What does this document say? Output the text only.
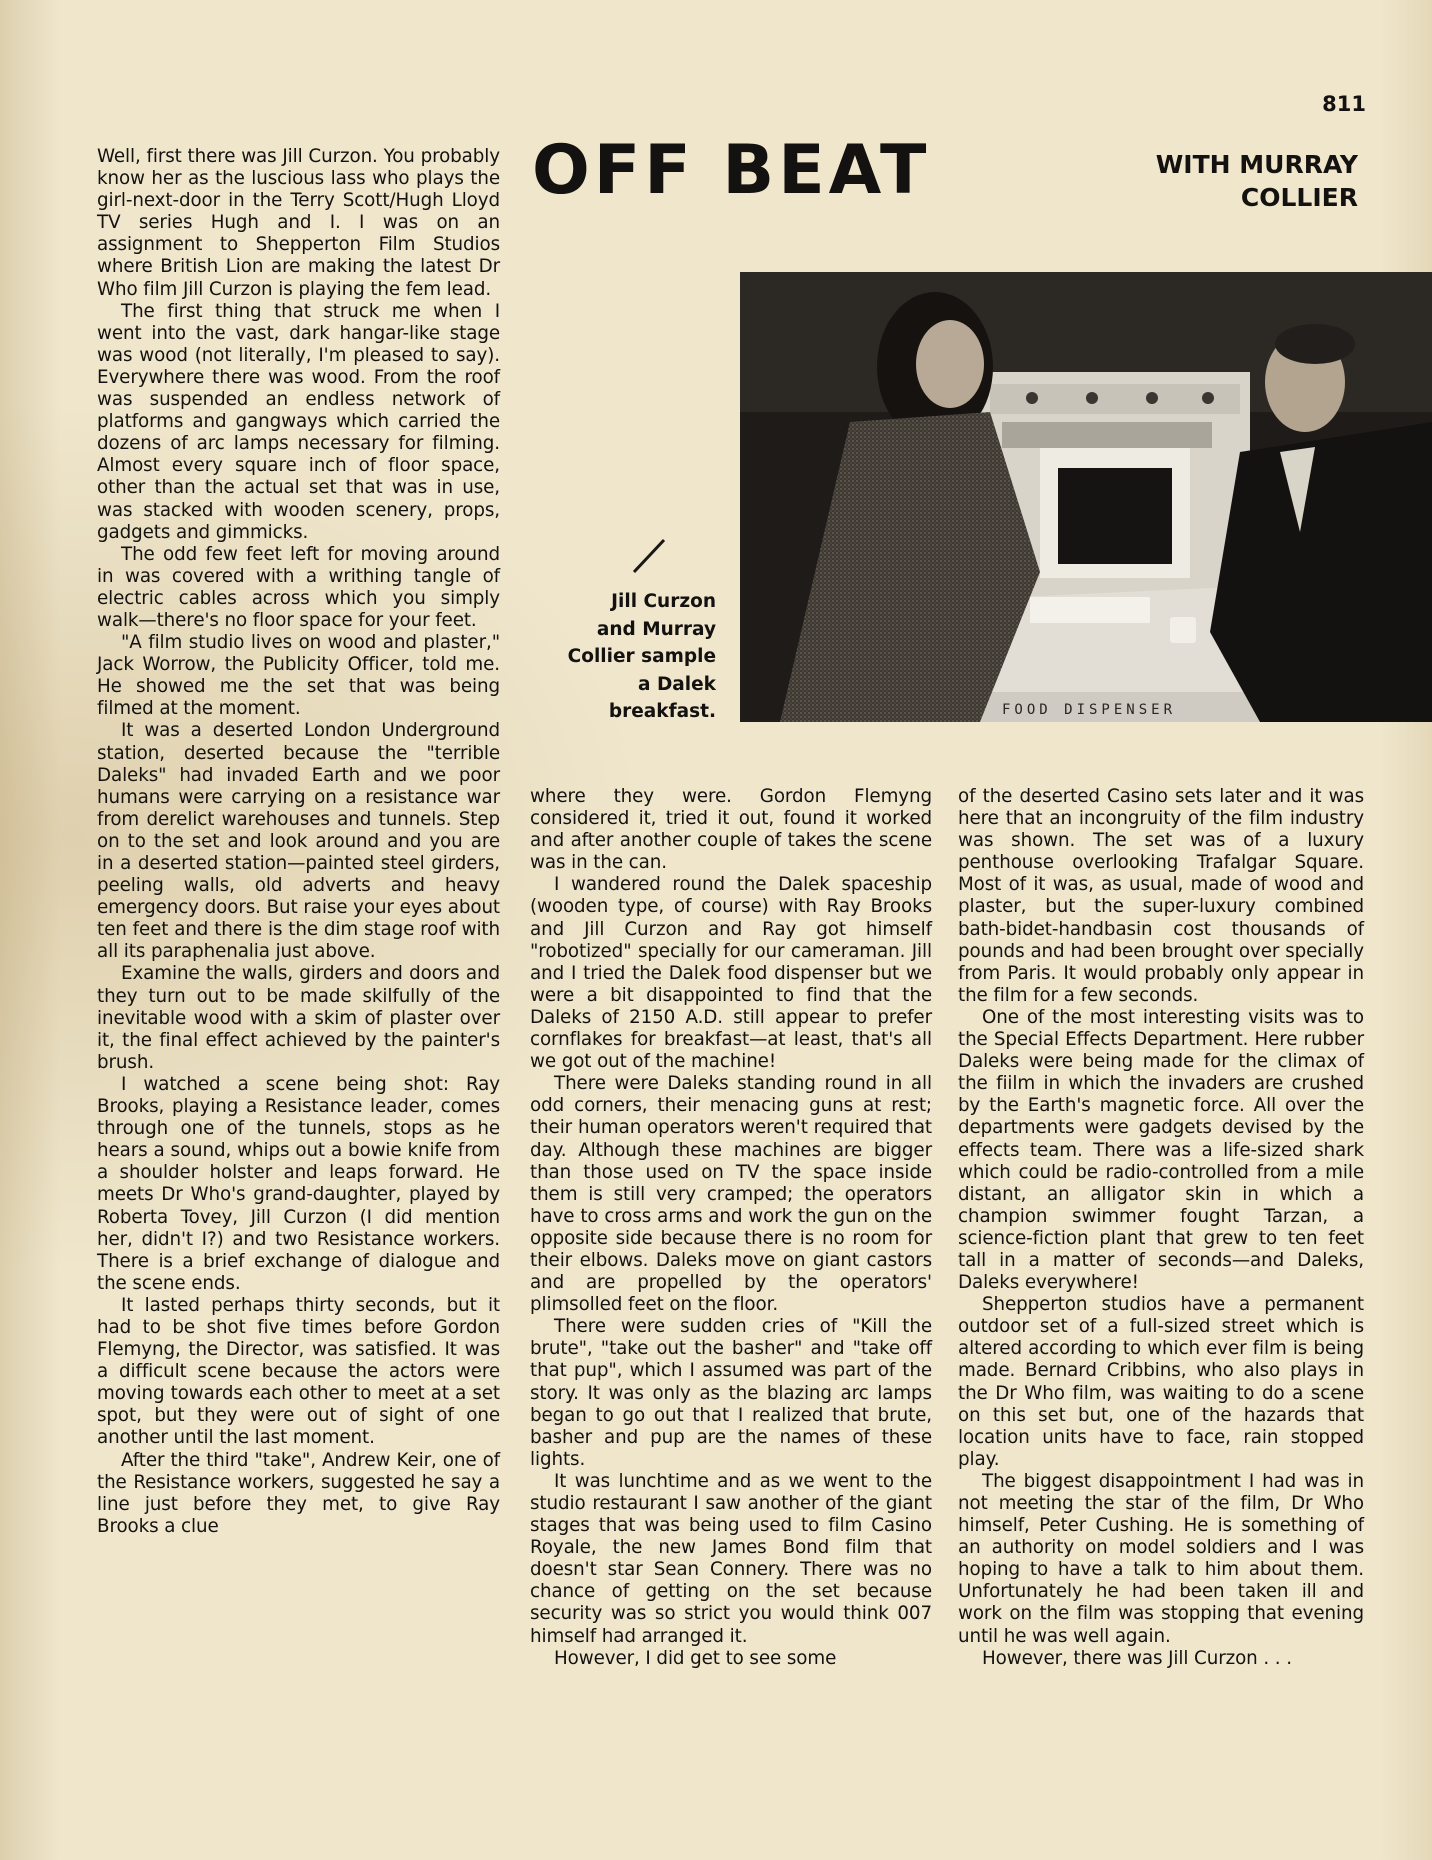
811
OFF BEAT	WITH MURRAY
COLLIER

Well, first there was Jill Curzon. You probably know her as the luscious lass who plays the girl-next-door in the Terry Scott/Hugh Lloyd TV series Hugh and I. I was on an assignment to Shepperton Film Studios where British Lion are making the latest Dr Who film Jill Curzon is playing the fem lead.

The first thing that struck me when I went into the vast, dark hangar-like stage was wood (not literally, I'm pleased to say). Everywhere there was wood. From the roof was suspended an endless network of platforms and gangways which carried the dozens of arc lamps necessary for filming. Almost every square inch of floor space, other than the actual set that was in use, was stacked with wooden scenery, props, gadgets and gimmicks.

The odd few feet left for moving around in was covered with a writhing tangle of electric cables across which you simply walk—there's no floor space for your feet.

"A film studio lives on wood and plaster," Jack Worrow, the Publicity Officer, told me. He showed me the set that was being filmed at the moment.

It was a deserted London Underground station, deserted because the "terrible Daleks" had invaded Earth and we poor humans were carrying on a resistance war from derelict warehouses and tunnels. Step on to the set and look around and you are in a deserted station—painted steel girders, peeling walls, old adverts and heavy emergency doors. But raise your eyes about ten feet and there is the dim stage roof with all its paraphenalia just above.

Examine the walls, girders and doors and they turn out to be made skilfully of the inevitable wood with a skim of plaster over it, the final effect achieved by the painter's brush.

I watched a scene being shot: Ray Brooks, playing a Resistance leader, comes through one of the tunnels, stops as he hears a sound, whips out a bowie knife from a shoulder holster and leaps forward. He meets Dr Who's grand-daughter, played by Roberta Tovey, Jill Curzon (I did mention her, didn't I?) and two Resistance workers. There is a brief exchange of dialogue and the scene ends.

It lasted perhaps thirty seconds, but it had to be shot five times before Gordon Flemyng, the Director, was satisfied. It was a difficult scene because the actors were moving towards each other to meet at a set spot, but they were out of sight of one another until the last moment.

After the third "take", Andrew Keir, one of the Resistance workers, suggested he say a line just before they met, to give Ray Brooks a clue

FOOD DISPENSER
Jill Curzon
and Murray
Collier sample
a Dalek
breakfast.

where they were. Gordon Flemyng considered it, tried it out, found it worked and after another couple of takes the scene was in the can.

I wandered round the Dalek spaceship (wooden type, of course) with Ray Brooks and Jill Curzon and Ray got himself "robotized" specially for our cameraman. Jill and I tried the Dalek food dispenser but we were a bit disappointed to find that the Daleks of 2150 A.D. still appear to prefer cornflakes for breakfast—at least, that's all we got out of the machine!

There were Daleks standing round in all odd corners, their menacing guns at rest; their human operators weren't required that day. Although these machines are bigger than those used on TV the space inside them is still very cramped; the operators have to cross arms and work the gun on the opposite side because there is no room for their elbows. Daleks move on giant castors and are propelled by the operators' plimsolled feet on the floor.

There were sudden cries of "Kill the brute", "take out the basher" and "take off that pup", which I assumed was part of the story. It was only as the blazing arc lamps began to go out that I realized that brute, basher and pup are the names of these lights.

It was lunchtime and as we went to the studio restaurant I saw another of the giant stages that was being used to film Casino Royale, the new James Bond film that doesn't star Sean Connery. There was no chance of getting on the set because security was so strict you would think 007 himself had arranged it.

However, I did get to see some

of the deserted Casino sets later and it was here that an incongruity of the film industry was shown. The set was of a luxury penthouse overlooking Trafalgar Square. Most of it was, as usual, made of wood and plaster, but the super-luxury combined bath-bidet-handbasin cost thousands of pounds and had been brought over specially from Paris. It would probably only appear in the film for a few seconds.

One of the most interesting visits was to the Special Effects Department. Here rubber Daleks were being made for the climax of the fiilm in which the invaders are crushed by the Earth's magnetic force. All over the departments were gadgets devised by the effects team. There was a life-sized shark which could be radio-controlled from a mile distant, an alligator skin in which a champion swimmer fought Tarzan, a science-fiction plant that grew to ten feet tall in a matter of seconds—and Daleks, Daleks everywhere!

Shepperton studios have a permanent outdoor set of a full-sized street which is altered according to which ever film is being made. Bernard Cribbins, who also plays in the Dr Who film, was waiting to do a scene on this set but, one of the hazards that location units have to face, rain stopped play.

The biggest disappointment I had was in not meeting the star of the film, Dr Who himself, Peter Cushing. He is something of an authority on model soldiers and I was hoping to have a talk to him about them. Unfortunately he had been taken ill and work on the film was stopping that evening until he was well again.

However, there was Jill Curzon . . .
